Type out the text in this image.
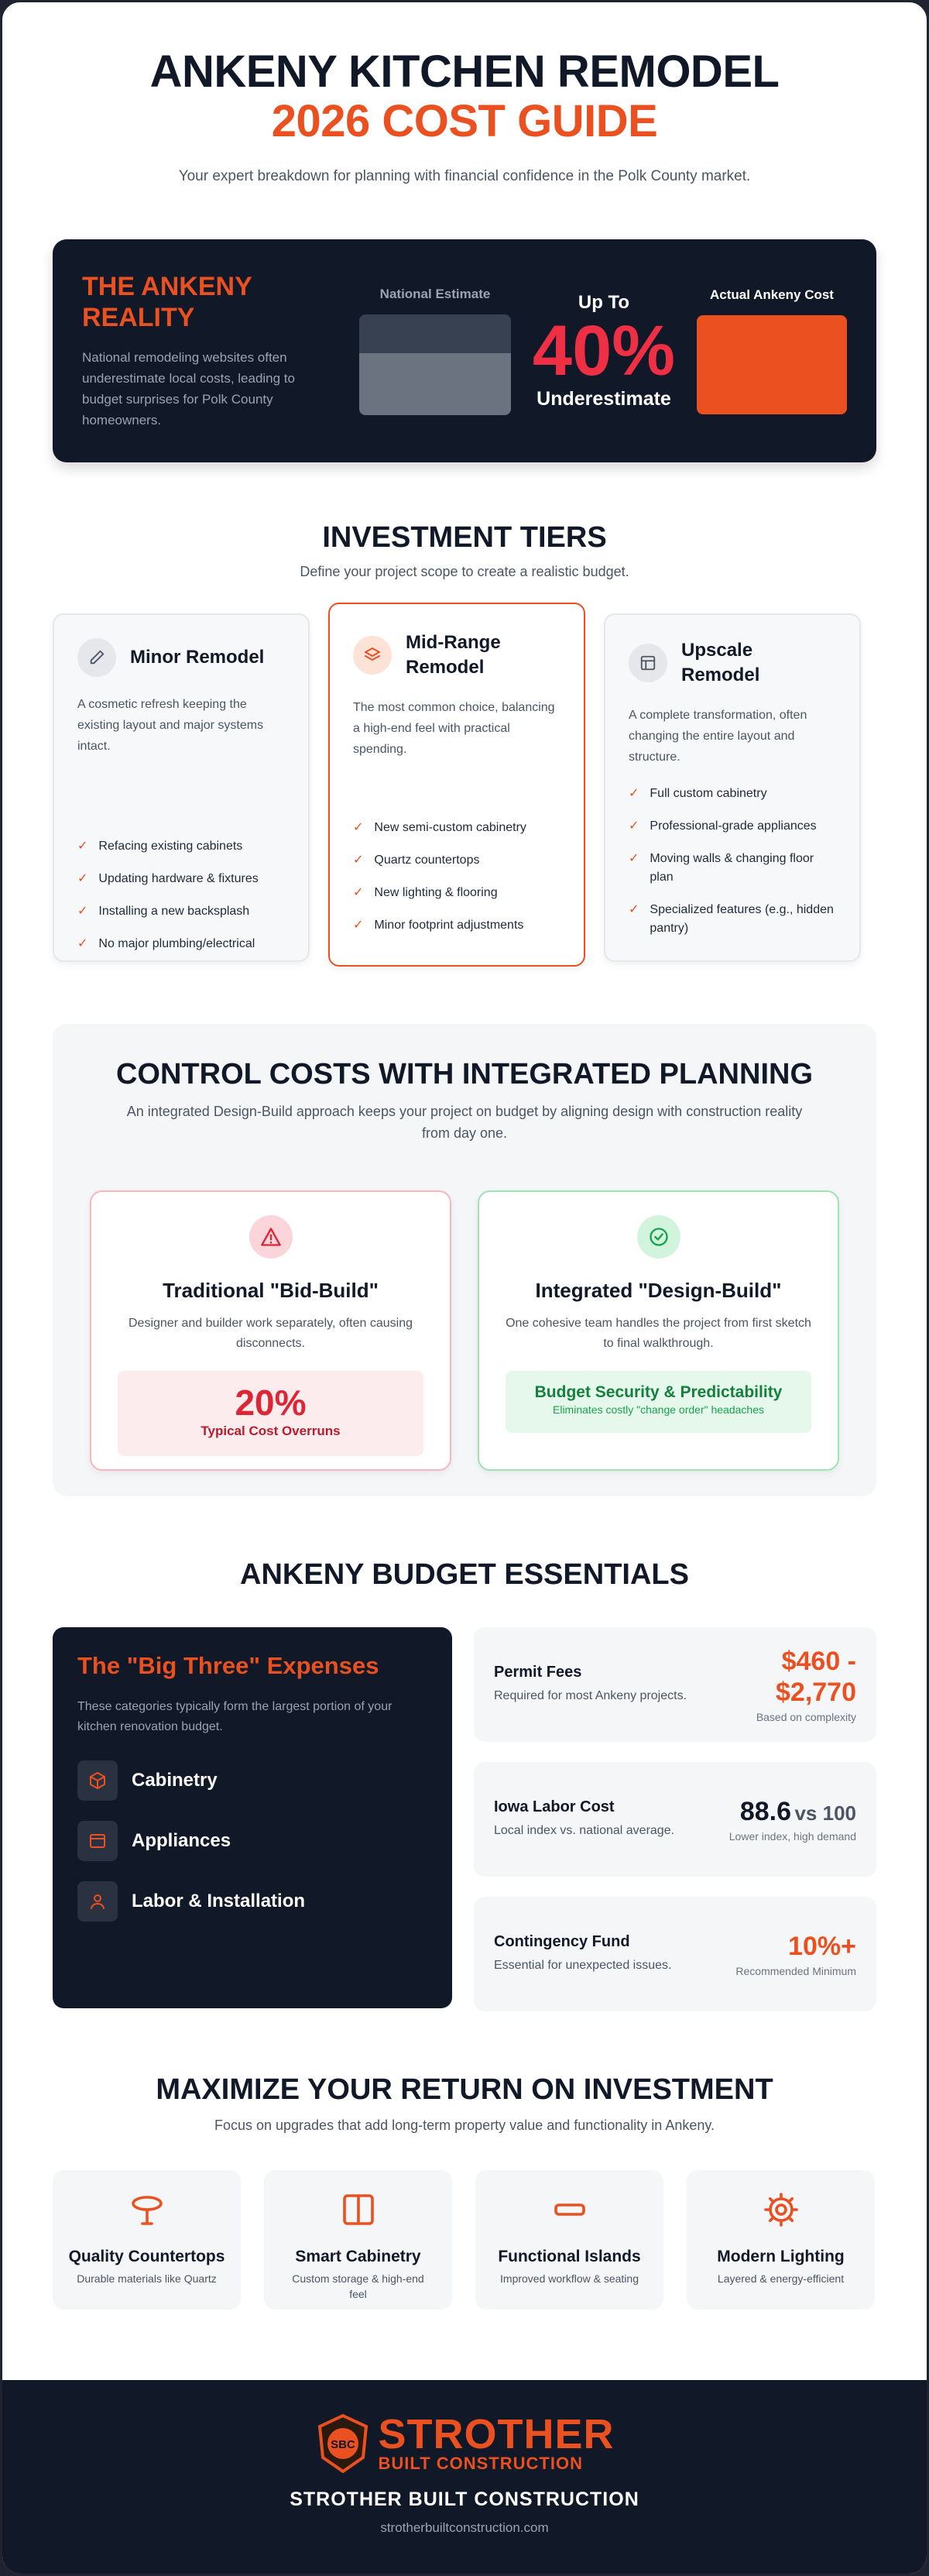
ANKENY KITCHEN REMODEL
2026 COST GUIDE

Your expert breakdown for planning with financial confidence in the Polk County market.

THE ANKENY REALITY

National remodeling websites often underestimate local costs, leading to budget surprises for Polk County homeowners.

National Estimate	Up To
40%
Underestimate
Actual Ankeny Cost
INVESTMENT TIERS
Define your project scope to create a realistic budget.
Minor Remodel

A cosmetic refresh keeping the existing layout and major systems intact.

✓ Refacing existing cabinets
✓ Updating hardware & fixtures
✓ Installing a new backsplash
✓ No major plumbing/electrical
Mid-Range Remodel

The most common choice, balancing a high-end feel with practical spending.

✓ New semi-custom cabinetry
✓ Quartz countertops
✓ New lighting & flooring
✓ Minor footprint adjustments
Upscale Remodel

A complete transformation, often changing the entire layout and structure.

✓ Full custom cabinetry
✓ Professional-grade appliances
✓ Moving walls & changing floor plan
✓ Specialized features (e.g., hidden pantry)
CONTROL COSTS WITH INTEGRATED PLANNING
An integrated Design-Build approach keeps your project on budget by aligning design with construction reality from day one.
Traditional "Bid-Build"

Designer and builder work separately, often causing disconnects.

20%
Typical Cost Overruns
Integrated "Design-Build"

One cohesive team handles the project from first sketch to final walkthrough.

Budget Security & Predictability
Eliminates costly "change order" headaches
ANKENY BUDGET ESSENTIALS
The "Big Three" Expenses

These categories typically form the largest portion of your kitchen renovation budget.

Cabinetry
Appliances
Labor & Installation
Permit Fees

Required for most Ankeny projects.

$460 - $2,770
Based on complexity
Iowa Labor Cost

Local index vs. national average.

88.6 vs 100
Lower index, high demand
Contingency Fund

Essential for unexpected issues.

10%+
Recommended Minimum
MAXIMIZE YOUR RETURN ON INVESTMENT
Focus on upgrades that add long-term property value and functionality in Ankeny.
Quality Countertops

Durable materials like Quartz

Smart Cabinetry

Custom storage & high-end feel

Functional Islands

Improved workflow & seating

Modern Lighting

Layered & energy-efficient

SBC STROTHER
BUILT CONSTRUCTION
STROTHER BUILT CONSTRUCTION
strotherbuiltconstruction.com
